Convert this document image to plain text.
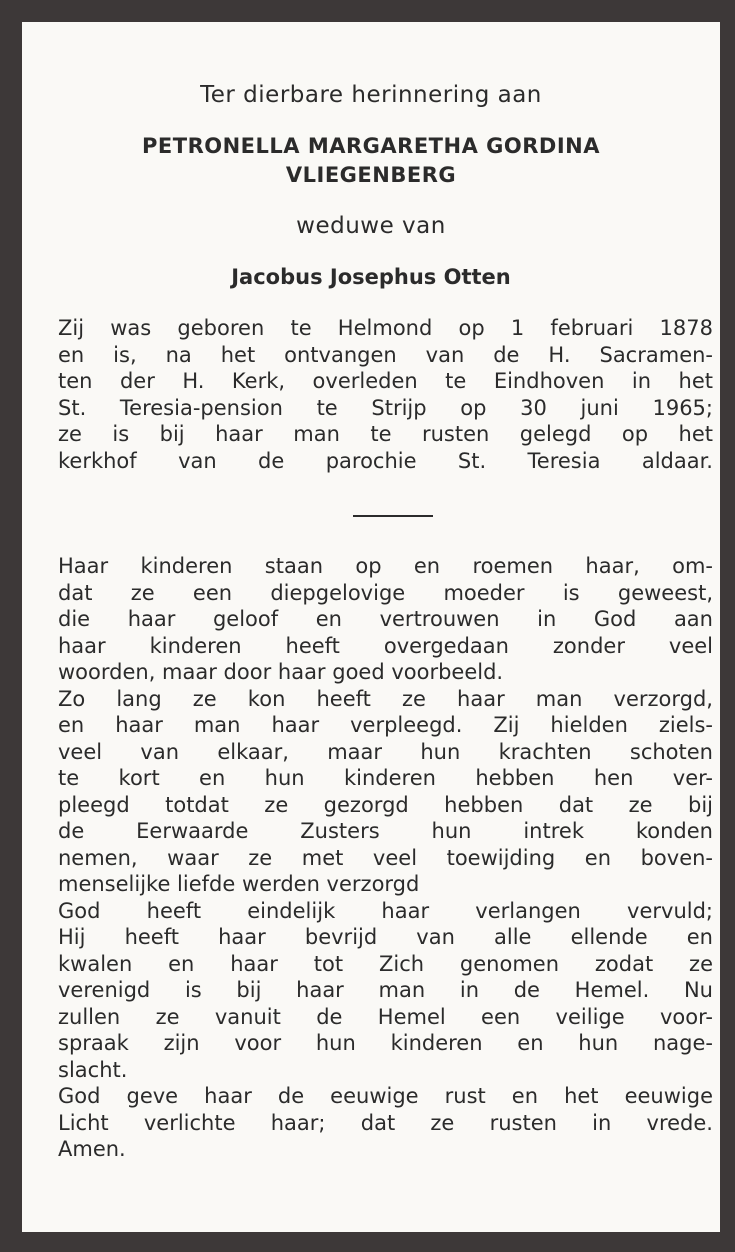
Ter dierbare herinnering aan
PETRONELLA MARGARETHA GORDINA
VLIEGENBERG
weduwe van
Jacobus Josephus Otten
Zij was geboren te Helmond op 1 februari 1878
en is, na het ontvangen van de H. Sacramen-
ten der H. Kerk, overleden te Eindhoven in het
St. Teresia-pension te Strijp op 30 juni 1965;
ze is bij haar man te rusten gelegd op het
kerkhof van de parochie St. Teresia aldaar.
Haar kinderen staan op en roemen haar, om-
dat ze een diepgelovige moeder is geweest,
die haar geloof en vertrouwen in God aan
haar kinderen heeft overgedaan zonder veel
woorden, maar door haar goed voorbeeld.
Zo lang ze kon heeft ze haar man verzorgd,
en haar man haar verpleegd. Zij hielden ziels-
veel van elkaar, maar hun krachten schoten
te kort en hun kinderen hebben hen ver-
pleegd totdat ze gezorgd hebben dat ze bij
de Eerwaarde Zusters hun intrek konden
nemen, waar ze met veel toewijding en boven-
menselijke liefde werden verzorgd
God heeft eindelijk haar verlangen vervuld;
Hij heeft haar bevrijd van alle ellende en
kwalen en haar tot Zich genomen zodat ze
verenigd is bij haar man in de Hemel. Nu
zullen ze vanuit de Hemel een veilige voor-
spraak zijn voor hun kinderen en hun nage-
slacht.
God geve haar de eeuwige rust en het eeuwige
Licht verlichte haar; dat ze rusten in vrede.
Amen.
